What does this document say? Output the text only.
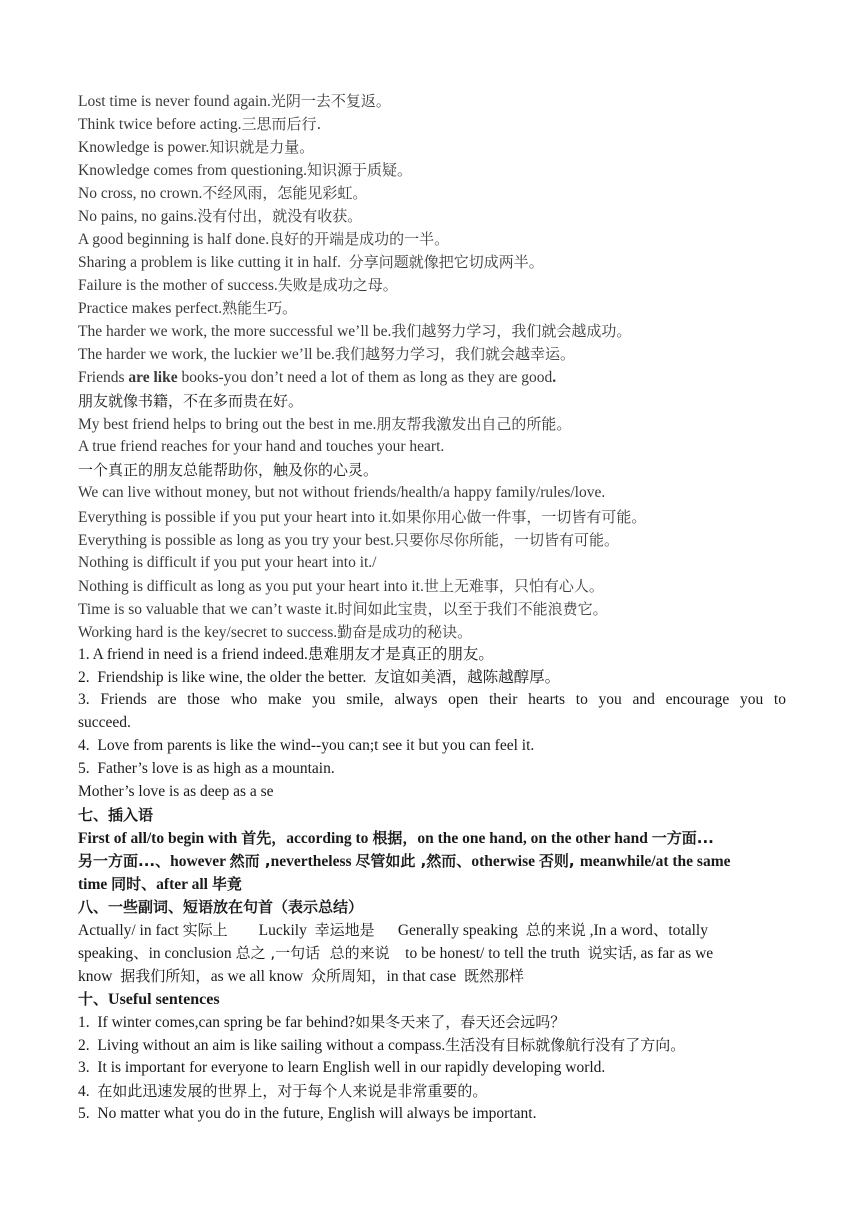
Lost time is never found again.光阴一去不复返。
Think twice before acting.三思而后行.
Knowledge is power.知识就是力量。
Knowledge comes from questioning.知识源于质疑。
No cross, no crown.不经风雨，怎能见彩虹。
No pains, no gains.没有付出，就没有收获。
A good beginning is half done.良好的开端是成功的一半。
Sharing a problem is like cutting it in half.  分享问题就像把它切成两半。
Failure is the mother of success.失败是成功之母。
Practice makes perfect.熟能生巧。
The harder we work, the more successful we’ll be.我们越努力学习，我们就会越成功。
The harder we work, the luckier we’ll be.我们越努力学习，我们就会越幸运。
Friends are like books-you don’t need a lot of them as long as they are good.
朋友就像书籍，不在多而贵在好。
My best friend helps to bring out the best in me.朋友帮我激发出自己的所能。
A true friend reaches for your hand and touches your heart.
一个真正的朋友总能帮助你，触及你的心灵。
We can live without money, but not without friends/health/a happy family/rules/love.
Everything is possible if you put your heart into it.如果你用心做一件事，一切皆有可能。
Everything is possible as long as you try your best.只要你尽你所能，一切皆有可能。
Nothing is difficult if you put your heart into it./
Nothing is difficult as long as you put your heart into it.世上无难事，只怕有心人。
Time is so valuable that we can’t waste it.时间如此宝贵，以至于我们不能浪费它。
Working hard is the key/secret to success.勤奋是成功的秘诀。
1. A friend in need is a friend indeed.患难朋友才是真正的朋友。
2.  Friendship is like wine, the older the better.  友谊如美酒，越陈越醇厚。
3. Friends are those who make you smile, always open their hearts to you and encourage you to
succeed.
4.  Love from parents is like the wind--you can;t see it but you can feel it.
5.  Father’s love is as high as a mountain.
Mother’s love is as deep as a se
七、插入语
First of all/to begin with 首先，according to 根据，on the one hand, on the other hand 一方面...
另一方面...、however 然而 ,nevertheless 尽管如此 ,然而、otherwise 否则, meanwhile/at the same
time 同时、after all 毕竟
八、一些副词、短语放在句首（表示总结）
Actually/ in fact 实际上        Luckily  幸运地是      Generally speaking  总的来说 ,In a word、totally
speaking、in conclusion 总之 ,一句话  总的来说    to be honest/ to tell the truth  说实话, as far as we
know  据我们所知，as we all know  众所周知，in that case  既然那样
十、Useful sentences
1.  If winter comes,can spring be far behind?如果冬天来了，春天还会远吗？
2.  Living without an aim is like sailing without a compass.生活没有目标就像航行没有了方向。
3.  It is important for everyone to learn English well in our rapidly developing world.
4.  在如此迅速发展的世界上，对于每个人来说是非常重要的。
5.  No matter what you do in the future, English will always be important.
